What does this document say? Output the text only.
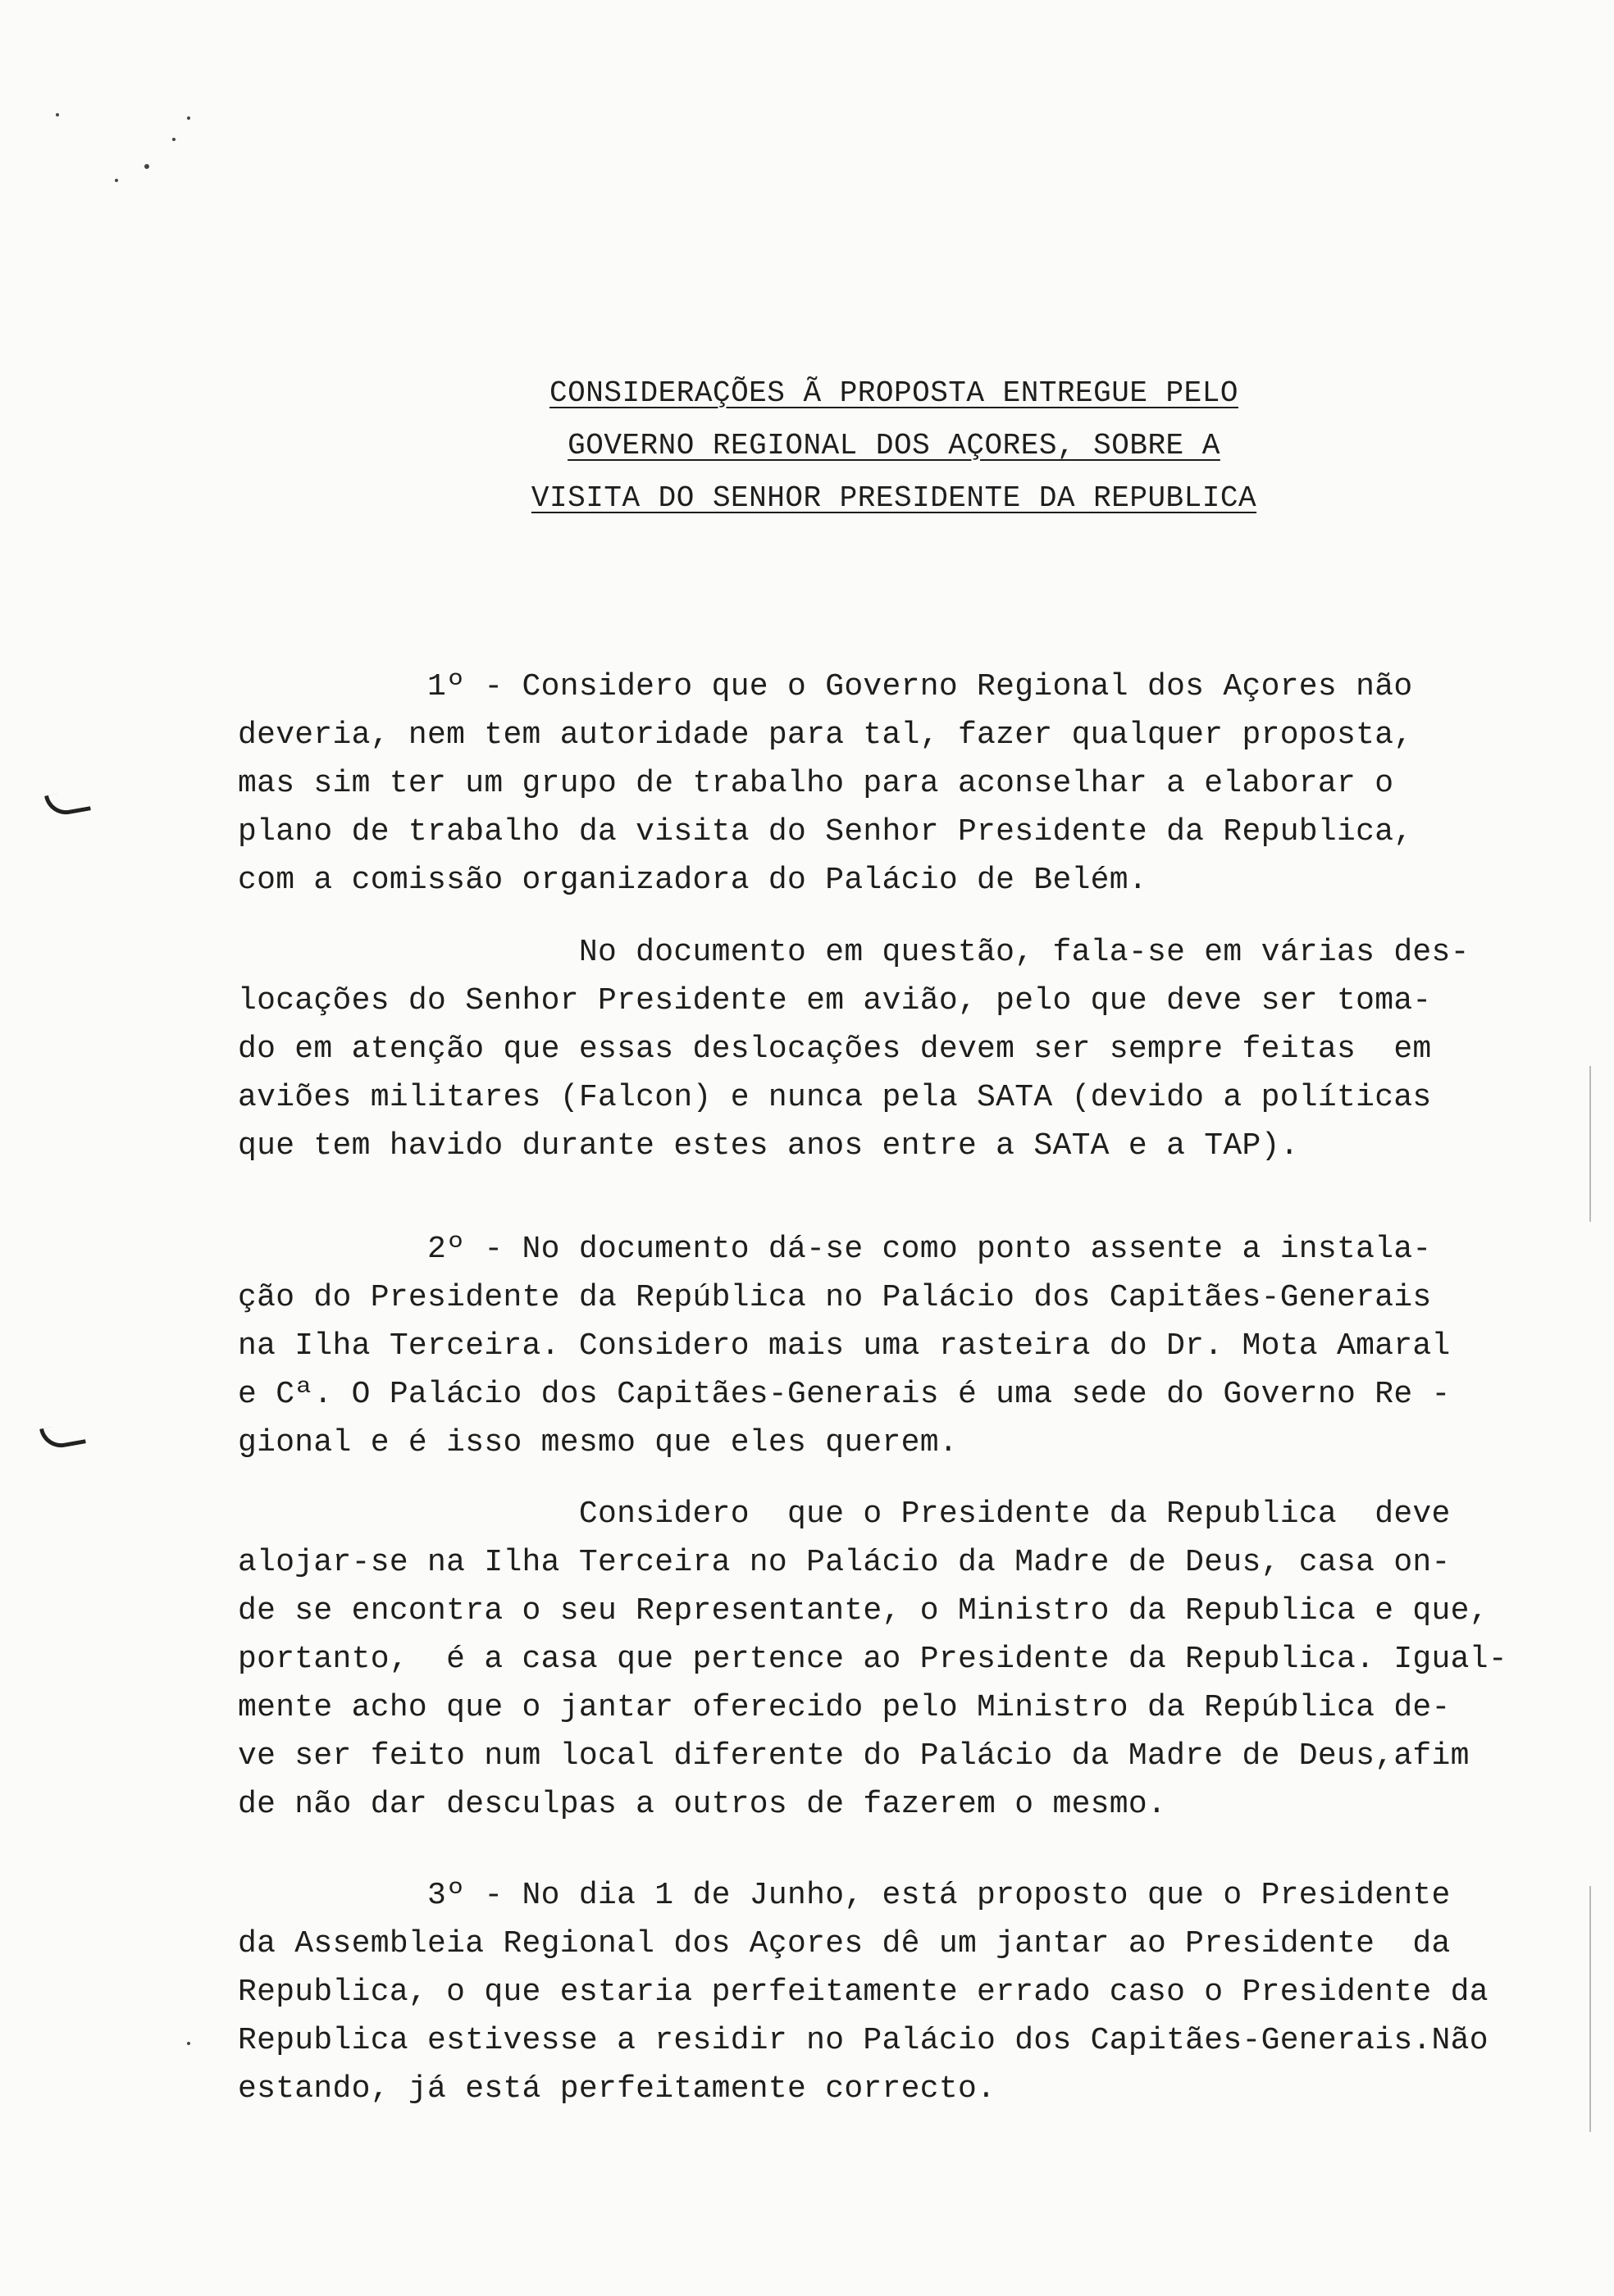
CONSIDERAÇÕES Ã PROPOSTA ENTREGUE PELO
GOVERNO REGIONAL DOS AÇORES, SOBRE A
VISITA DO SENHOR PRESIDENTE DA REPUBLICA
1º - Considero que o Governo Regional dos Açores não
deveria, nem tem autoridade para tal, fazer qualquer proposta,
mas sim ter um grupo de trabalho para aconselhar a elaborar o
plano de trabalho da visita do Senhor Presidente da Republica,
com a comissão organizadora do Palácio de Belém.
No documento em questão, fala-se em várias des-
locações do Senhor Presidente em avião, pelo que deve ser toma-
do em atenção que essas deslocações devem ser sempre feitas  em
aviões militares (Falcon) e nunca pela SATA (devido a políticas
que tem havido durante estes anos entre a SATA e a TAP).
2º - No documento dá-se como ponto assente a instala-
ção do Presidente da República no Palácio dos Capitães-Generais
na Ilha Terceira. Considero mais uma rasteira do Dr. Mota Amaral
e Cª. O Palácio dos Capitães-Generais é uma sede do Governo Re -
gional e é isso mesmo que eles querem.
Considero  que o Presidente da Republica  deve
alojar-se na Ilha Terceira no Palácio da Madre de Deus, casa on-
de se encontra o seu Representante, o Ministro da Republica e que,
portanto,  é a casa que pertence ao Presidente da Republica. Igual-
mente acho que o jantar oferecido pelo Ministro da República de-
ve ser feito num local diferente do Palácio da Madre de Deus,afim
de não dar desculpas a outros de fazerem o mesmo.
3º - No dia 1 de Junho, está proposto que o Presidente
da Assembleia Regional dos Açores dê um jantar ao Presidente  da
Republica, o que estaria perfeitamente errado caso o Presidente da
Republica estivesse a residir no Palácio dos Capitães-Generais.Não
estando, já está perfeitamente correcto.
